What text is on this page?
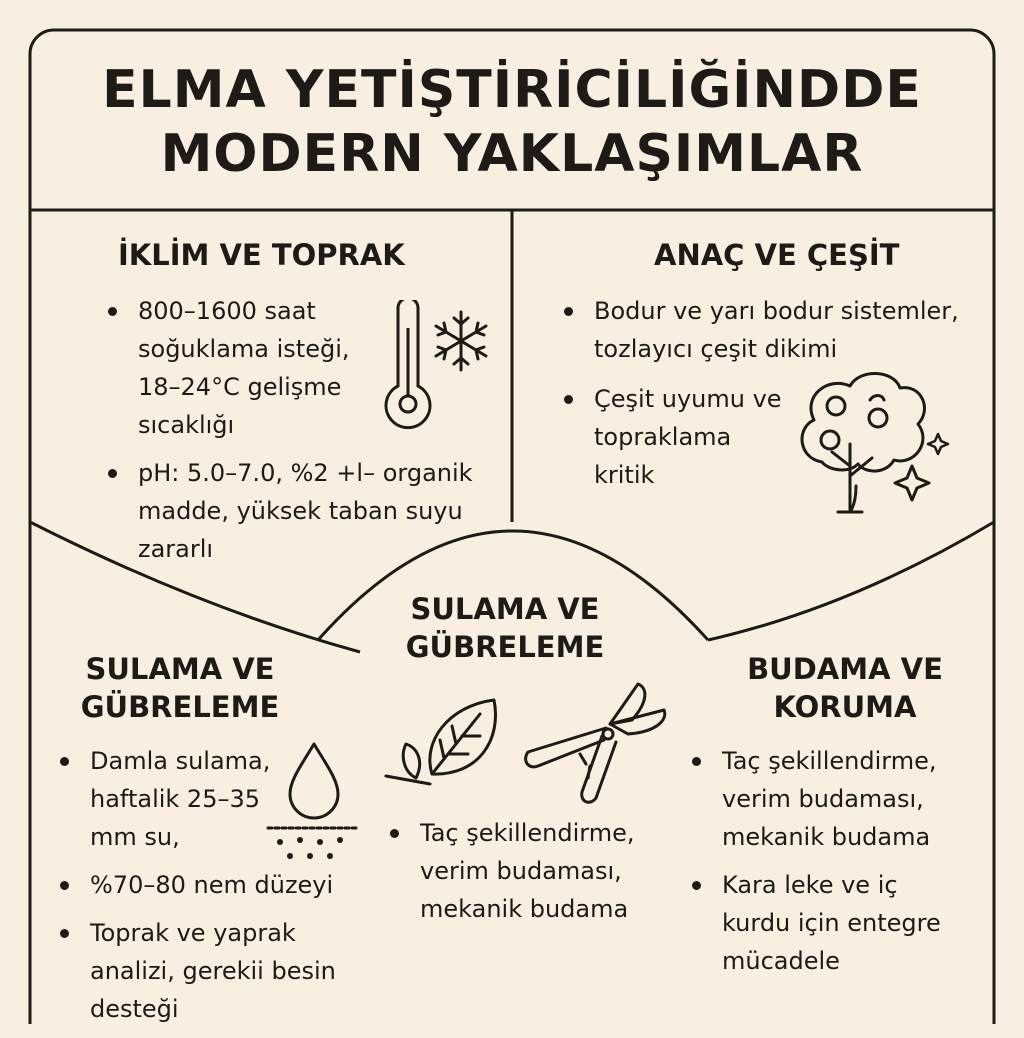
ELMA YETİŞTİRİCİLİĞİNDDE
MODERN YAKLAŞIMLAR
İKLİM VE TOPRAK
800–1600 saat soğuklama isteği, 18–24°C gelişme sıcaklığı
pH: 5.0–7.0, %2 +l– organik madde, yüksek taban suyu zararlı
ANAÇ VE ÇEŞİT
Bodur ve yarı bodur sistemler, tozlayıcı çeşit dikimi
Çeşit uyumu ve topraklama kritik
SULAMA VE
GÜBRELEME
Taç şekillendirme, verim budaması, mekanik budama
SULAMA VE
GÜBRELEME
Damla sulama, haftalik 25–35 mm su,
%70–80 nem düzeyi
Toprak ve yaprak analizi, gerekii besin desteği
BUDAMA VE
KORUMA
Taç şekillendirme, verim budaması, mekanik budama
Kara leke ve iç kurdu için entegre mücadele
